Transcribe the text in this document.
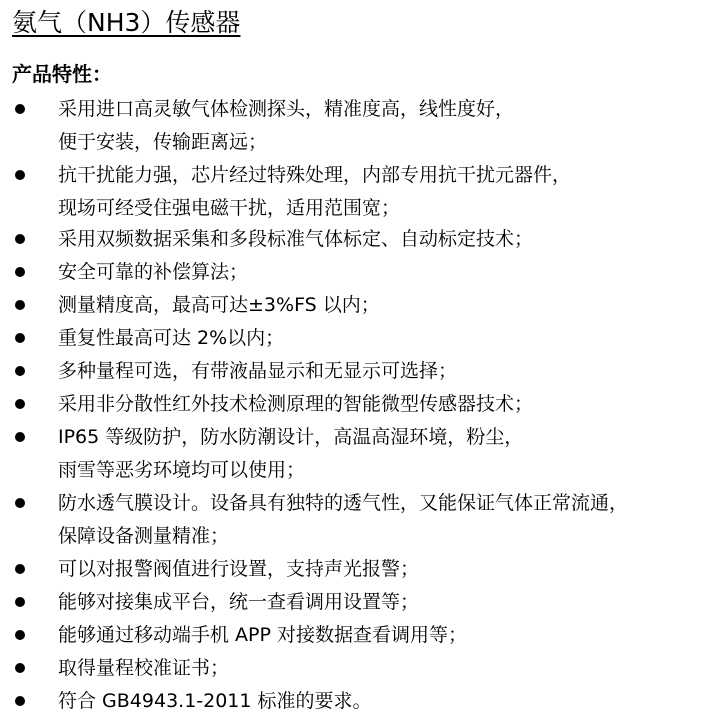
氨气（NH3）传感器
产品特性：
采用进口高灵敏气体检测探头，精准度高，线性度好，
便于安装，传输距离远；
抗干扰能力强，芯片经过特殊处理，内部专用抗干扰元器件，
现场可经受住强电磁干扰，适用范围宽；
采用双频数据采集和多段标准气体标定、自动标定技术；
安全可靠的补偿算法；
测量精度高，最高可达±3%FS 以内；
重复性最高可达 2%以内；
多种量程可选，有带液晶显示和无显示可选择；
采用非分散性红外技术检测原理的智能微型传感器技术；
IP65 等级防护，防水防潮设计，高温高湿环境，粉尘，
雨雪等恶劣环境均可以使用；
防水透气膜设计。设备具有独特的透气性，又能保证气体正常流通，
保障设备测量精准；
可以对报警阀值进行设置，支持声光报警；
能够对接集成平台，统一查看调用设置等；
能够通过移动端手机 APP 对接数据查看调用等；
取得量程校准证书；
符合 GB4943.1-2011 标准的要求。
